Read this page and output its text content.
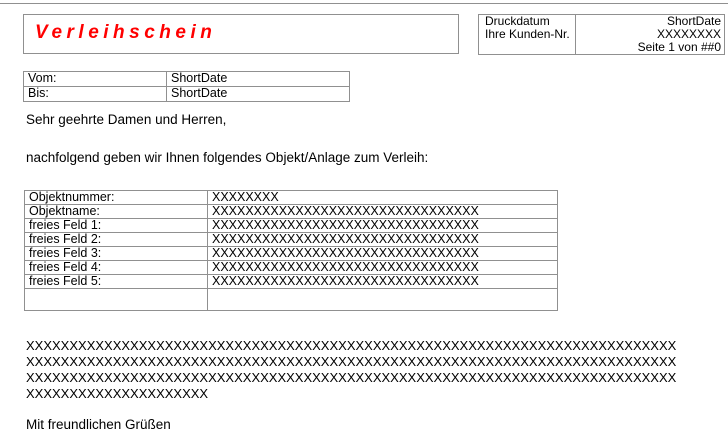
Verleihschein
Druckdatum
Ihre Kunden-Nr.
ShortDate
XXXXXXXX
Seite 1 von ##0
Vom:	ShortDate
Bis:	ShortDate
Sehr geehrte Damen und Herren,
nachfolgend geben wir Ihnen folgendes Objekt/Anlage zum Verleih:
Objektnummer:	XXXXXXXX
Objektname:	XXXXXXXXXXXXXXXXXXXXXXXXXXXXXXXX
freies Feld 1:	XXXXXXXXXXXXXXXXXXXXXXXXXXXXXXXX
freies Feld 2:	XXXXXXXXXXXXXXXXXXXXXXXXXXXXXXXX
freies Feld 3:	XXXXXXXXXXXXXXXXXXXXXXXXXXXXXXXX
freies Feld 4:	XXXXXXXXXXXXXXXXXXXXXXXXXXXXXXXX
freies Feld 5:	XXXXXXXXXXXXXXXXXXXXXXXXXXXXXXXX

XXXXXXXXXXXXXXXXXXXXXXXXXXXXXXXXXXXXXXXXXXXXXXXXXXXXXXXXXXXXXXXXXXXXXXXXXXX
XXXXXXXXXXXXXXXXXXXXXXXXXXXXXXXXXXXXXXXXXXXXXXXXXXXXXXXXXXXXXXXXXXXXXXXXXXX
XXXXXXXXXXXXXXXXXXXXXXXXXXXXXXXXXXXXXXXXXXXXXXXXXXXXXXXXXXXXXXXXXXXXXXXXXXX
XXXXXXXXXXXXXXXXXXXXX
Mit freundlichen Grüßen
